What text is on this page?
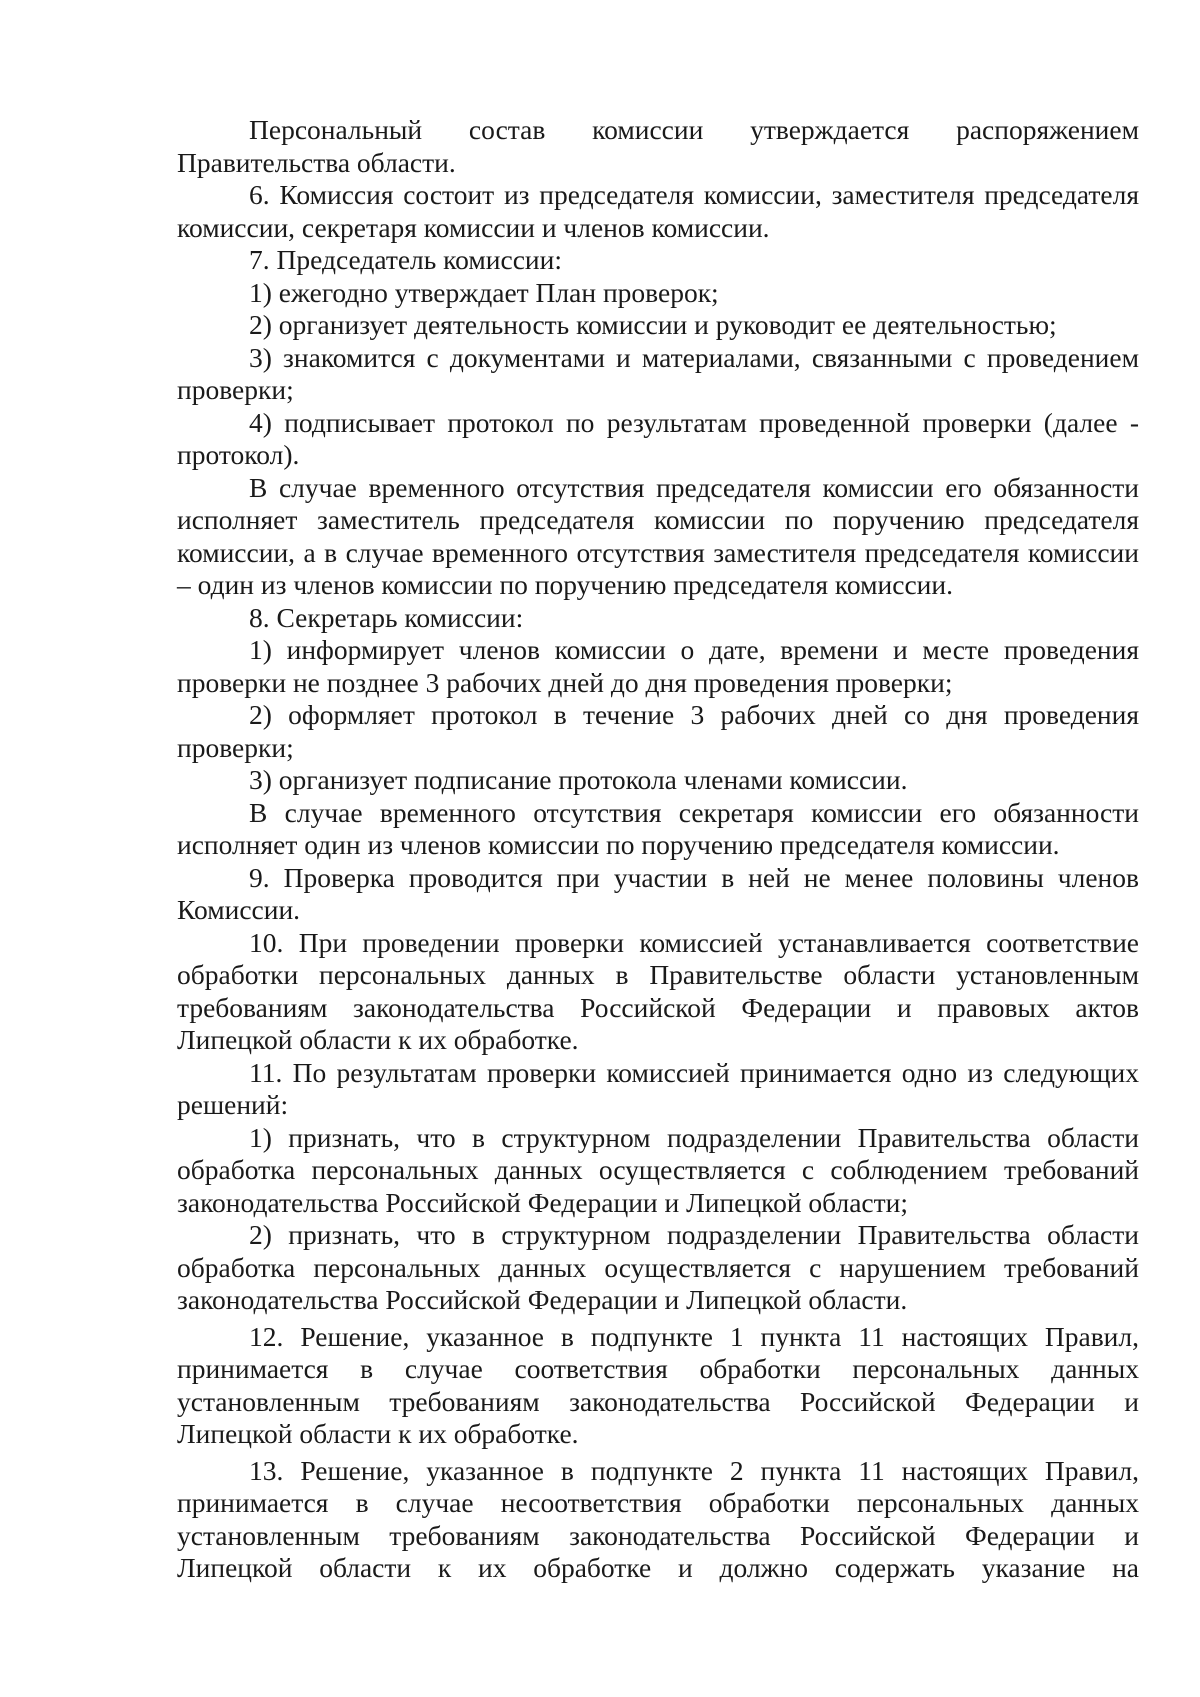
Персональный состав комиссии утверждается распоряжением Правительства области.

6. Комиссия состоит из председателя комиссии, заместителя председателя комиссии, секретаря комиссии и членов комиссии.

7. Председатель комиссии:

1) ежегодно утверждает План проверок;

2) организует деятельность комиссии и руководит ее деятельностью;

3) знакомится с документами и материалами, связанными с проведением проверки;

4) подписывает протокол по результатам проведенной проверки (далее - протокол).

В случае временного отсутствия председателя комиссии его обязанности исполняет заместитель председателя комиссии по поручению председателя комиссии, а в случае временного отсутствия заместителя председателя комиссии – один из членов комиссии по поручению председателя комиссии.

8. Секретарь комиссии:

1) информирует членов комиссии о дате, времени и месте проведения проверки не позднее 3 рабочих дней до дня проведения проверки;

2) оформляет протокол в течение 3 рабочих дней со дня проведения проверки;

3) организует подписание протокола членами комиссии.

В случае временного отсутствия секретаря комиссии его обязанности исполняет один из членов комиссии по поручению председателя комиссии.

9. Проверка проводится при участии в ней не менее половины членов Комиссии.

10. При проведении проверки комиссией устанавливается соответствие обработки персональных данных в Правительстве области установленным требованиям законодательства Российской Федерации и правовых актов Липецкой области к их обработке.

11. По результатам проверки комиссией принимается одно из следующих решений:

1) признать, что в структурном подразделении Правительства области обработка персональных данных осуществляется с соблюдением требований законодательства Российской Федерации и Липецкой области;

2) признать, что в структурном подразделении Правительства области обработка персональных данных осуществляется с нарушением требований законодательства Российской Федерации и Липецкой области.

12. Решение, указанное в подпункте 1 пункта 11 настоящих Правил, принимается в случае соответствия обработки персональных данных установленным требованиям законодательства Российской Федерации и Липецкой области к их обработке.

13. Решение, указанное в подпункте 2 пункта 11 настоящих Правил, принимается в случае несоответствия обработки персональных данных установленным требованиям законодательства Российской Федерации и Липецкой области к их обработке и должно содержать указание на
